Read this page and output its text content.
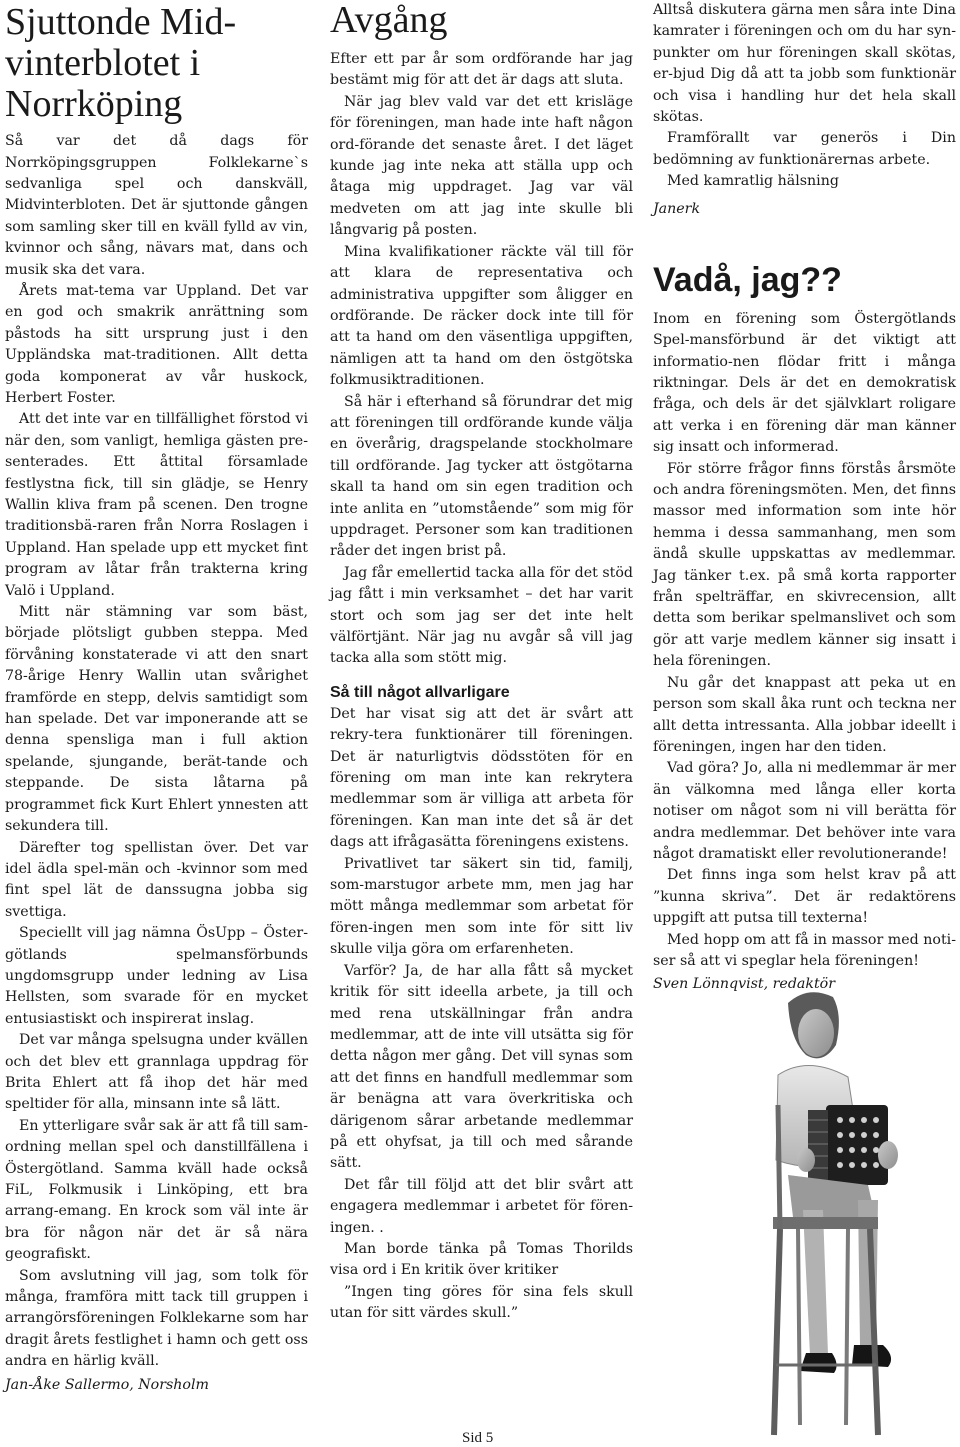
Sjuttonde Mid-vinterblotet i Norrköping

Så var det då dags för Norrköpingsgruppen Folklekarne`s sedvanliga spel och danskväll, Midvinterbloten. Det är sjuttonde gången som samling sker till en kväll fylld av vin, kvinnor och sång, nävars mat, dans och musik ska det vara.

Årets mat-tema var Uppland. Det var en god och smakrik anrättning som påstods ha sitt ursprung just i den Uppländska mat-traditionen. Allt detta goda komponerat av vår huskock, Herbert Foster.

Att det inte var en tillfällighet förstod vi när den, som vanligt, hemliga gästen pre-senterades. Ett åttital församlade festlystna fick, till sin glädje, se Henry Wallin kliva fram på scenen. Den trogne traditionsbä-raren från Norra Roslagen i Uppland. Han spelade upp ett mycket fint program av låtar från trakterna kring Valö i Uppland.

Mitt när stämning var som bäst, började plötsligt gubben steppa. Med förvåning konstaterade vi att den snart 78-årige Henry Wallin utan svårighet framförde en stepp, delvis samtidigt som han spelade. Det var imponerande att se denna spensliga man i full aktion spelande, sjungande, berät-tande och steppande. De sista låtarna på programmet fick Kurt Ehlert ynnesten att sekundera till.

Därefter tog spellistan över. Det var idel ädla spel-män och -kvinnor som med fint spel lät de danssugna jobba sig svettiga.

Speciellt vill jag nämna ÖsUpp – Öster-götlands spelmansförbunds ungdomsgrupp under ledning av Lisa Hellsten, som svarade för en mycket entusiastiskt och inspirerat inslag.

Det var många spelsugna under kvällen och det blev ett grannlaga uppdrag för Brita Ehlert att få ihop det här med speltider för alla, minsann inte så lätt.

En ytterligare svår sak är att få till sam-ordning mellan spel och danstillfällena i Östergötland. Samma kväll hade också FiL, Folkmusik i Linköping, ett bra arrang-emang. En krock som väl inte är bra för någon när det är så nära geografiskt.

Som avslutning vill jag, som tolk för många, framföra mitt tack till gruppen i arrangörsföreningen Folklekarne som har dragit årets festlighet i hamn och gett oss andra en härlig kväll.

Jan-Åke Sallermo, Norsholm

Avgång

Efter ett par år som ordförande har jag bestämt mig för att det är dags att sluta.

När jag blev vald var det ett krisläge för föreningen, man hade inte haft någon ord-förande det senaste året. I det läget kunde jag inte neka att ställa upp och åtaga mig uppdraget. Jag var väl medveten om att jag inte skulle bli långvarig på posten.

Mina kvalifikationer räckte väl till för att klara de representativa och administrativa uppgifter som åligger en ordförande. De räcker dock inte till för att ta hand om den väsentliga uppgiften, nämligen att ta hand om den östgötska folkmusiktraditionen.

Så här i efterhand så förundrar det mig att föreningen till ordförande kunde välja en överårig, dragspelande stockholmare till ordförande. Jag tycker att östgötarna skall ta hand om sin egen tradition och inte anlita en ”utomstående” som mig för uppdraget. Personer som kan traditionen råder det ingen brist på.

Jag får emellertid tacka alla för det stöd jag fått i min verksamhet – det har varit stort och som jag ser det inte helt välförtjänt. När jag nu avgår så vill jag tacka alla som stött mig.

Så till något allvarligare

Det har visat sig att det är svårt att rekry-tera funktionärer till föreningen. Det är naturligtvis dödsstöten för en förening om man inte kan rekrytera medlemmar som är villiga att arbeta för föreningen. Kan man inte det så är det dags att ifrågasätta föreningens existens.

Privatlivet tar säkert sin tid, familj, som-marstugor arbete mm, men jag har mött många medlemmar som arbetat för fören-ingen men som inte för sitt liv skulle vilja göra om erfarenheten.

Varför? Ja, de har alla fått så mycket kritik för sitt ideella arbete, ja till och med rena utskällningar från andra medlemmar, att de inte vill utsätta sig för detta någon mer gång. Det vill synas som att det finns en handfull medlemmar som är benägna att vara överkritiska och därigenom sårar arbetande medlemmar på ett ohyfsat, ja till och med sårande sätt.

Det får till följd att det blir svårt att engagera medlemmar i arbetet för fören-ingen. .

Man borde tänka på Tomas Thorilds visa ord i En kritik över kritiker

”Ingen ting göres för sina fels skull utan för sitt värdes skull.”

Alltså diskutera gärna men såra inte Dina kamrater i föreningen och om du har syn-punkter om hur föreningen skall skötas, er-bjud Dig då att ta jobb som funktionär och visa i handling hur det hela skall skötas.

Framförallt var generös i Din bedömning av funktionärernas arbete.

Med kamratlig hälsning

Janerk

Vadå, jag??

Inom en förening som Östergötlands Spel-mansförbund är det viktigt att informatio-nen flödar fritt i många riktningar. Dels är det en demokratisk fråga, och dels är det självklart roligare att verka i en förening där man känner sig insatt och informerad.

För större frågor finns förstås årsmöte och andra föreningsmöten. Men, det finns massor med information som inte hör hemma i dessa sammanhang, men som ändå skulle uppskattas av medlemmar. Jag tänker t.ex. på små korta rapporter från spelträffar, en skivrecension, allt detta som berikar spelmanslivet och som gör att varje medlem känner sig insatt i hela föreningen.

Nu går det knappast att peka ut en person som skall åka runt och teckna ner allt detta intressanta. Alla jobbar ideellt i föreningen, ingen har den tiden.

Vad göra? Jo, alla ni medlemmar är mer än välkomna med långa eller korta notiser om något som ni vill berätta för andra medlemmar. Det behöver inte vara något dramatiskt eller revolutionerande!

Det finns inga som helst krav på att ”kunna skriva”. Det är redaktörens uppgift att putsa till texterna!

Med hopp om att få in massor med noti-ser så att vi speglar hela föreningen!

Sven Lönnqvist, redaktör

Sid 5
